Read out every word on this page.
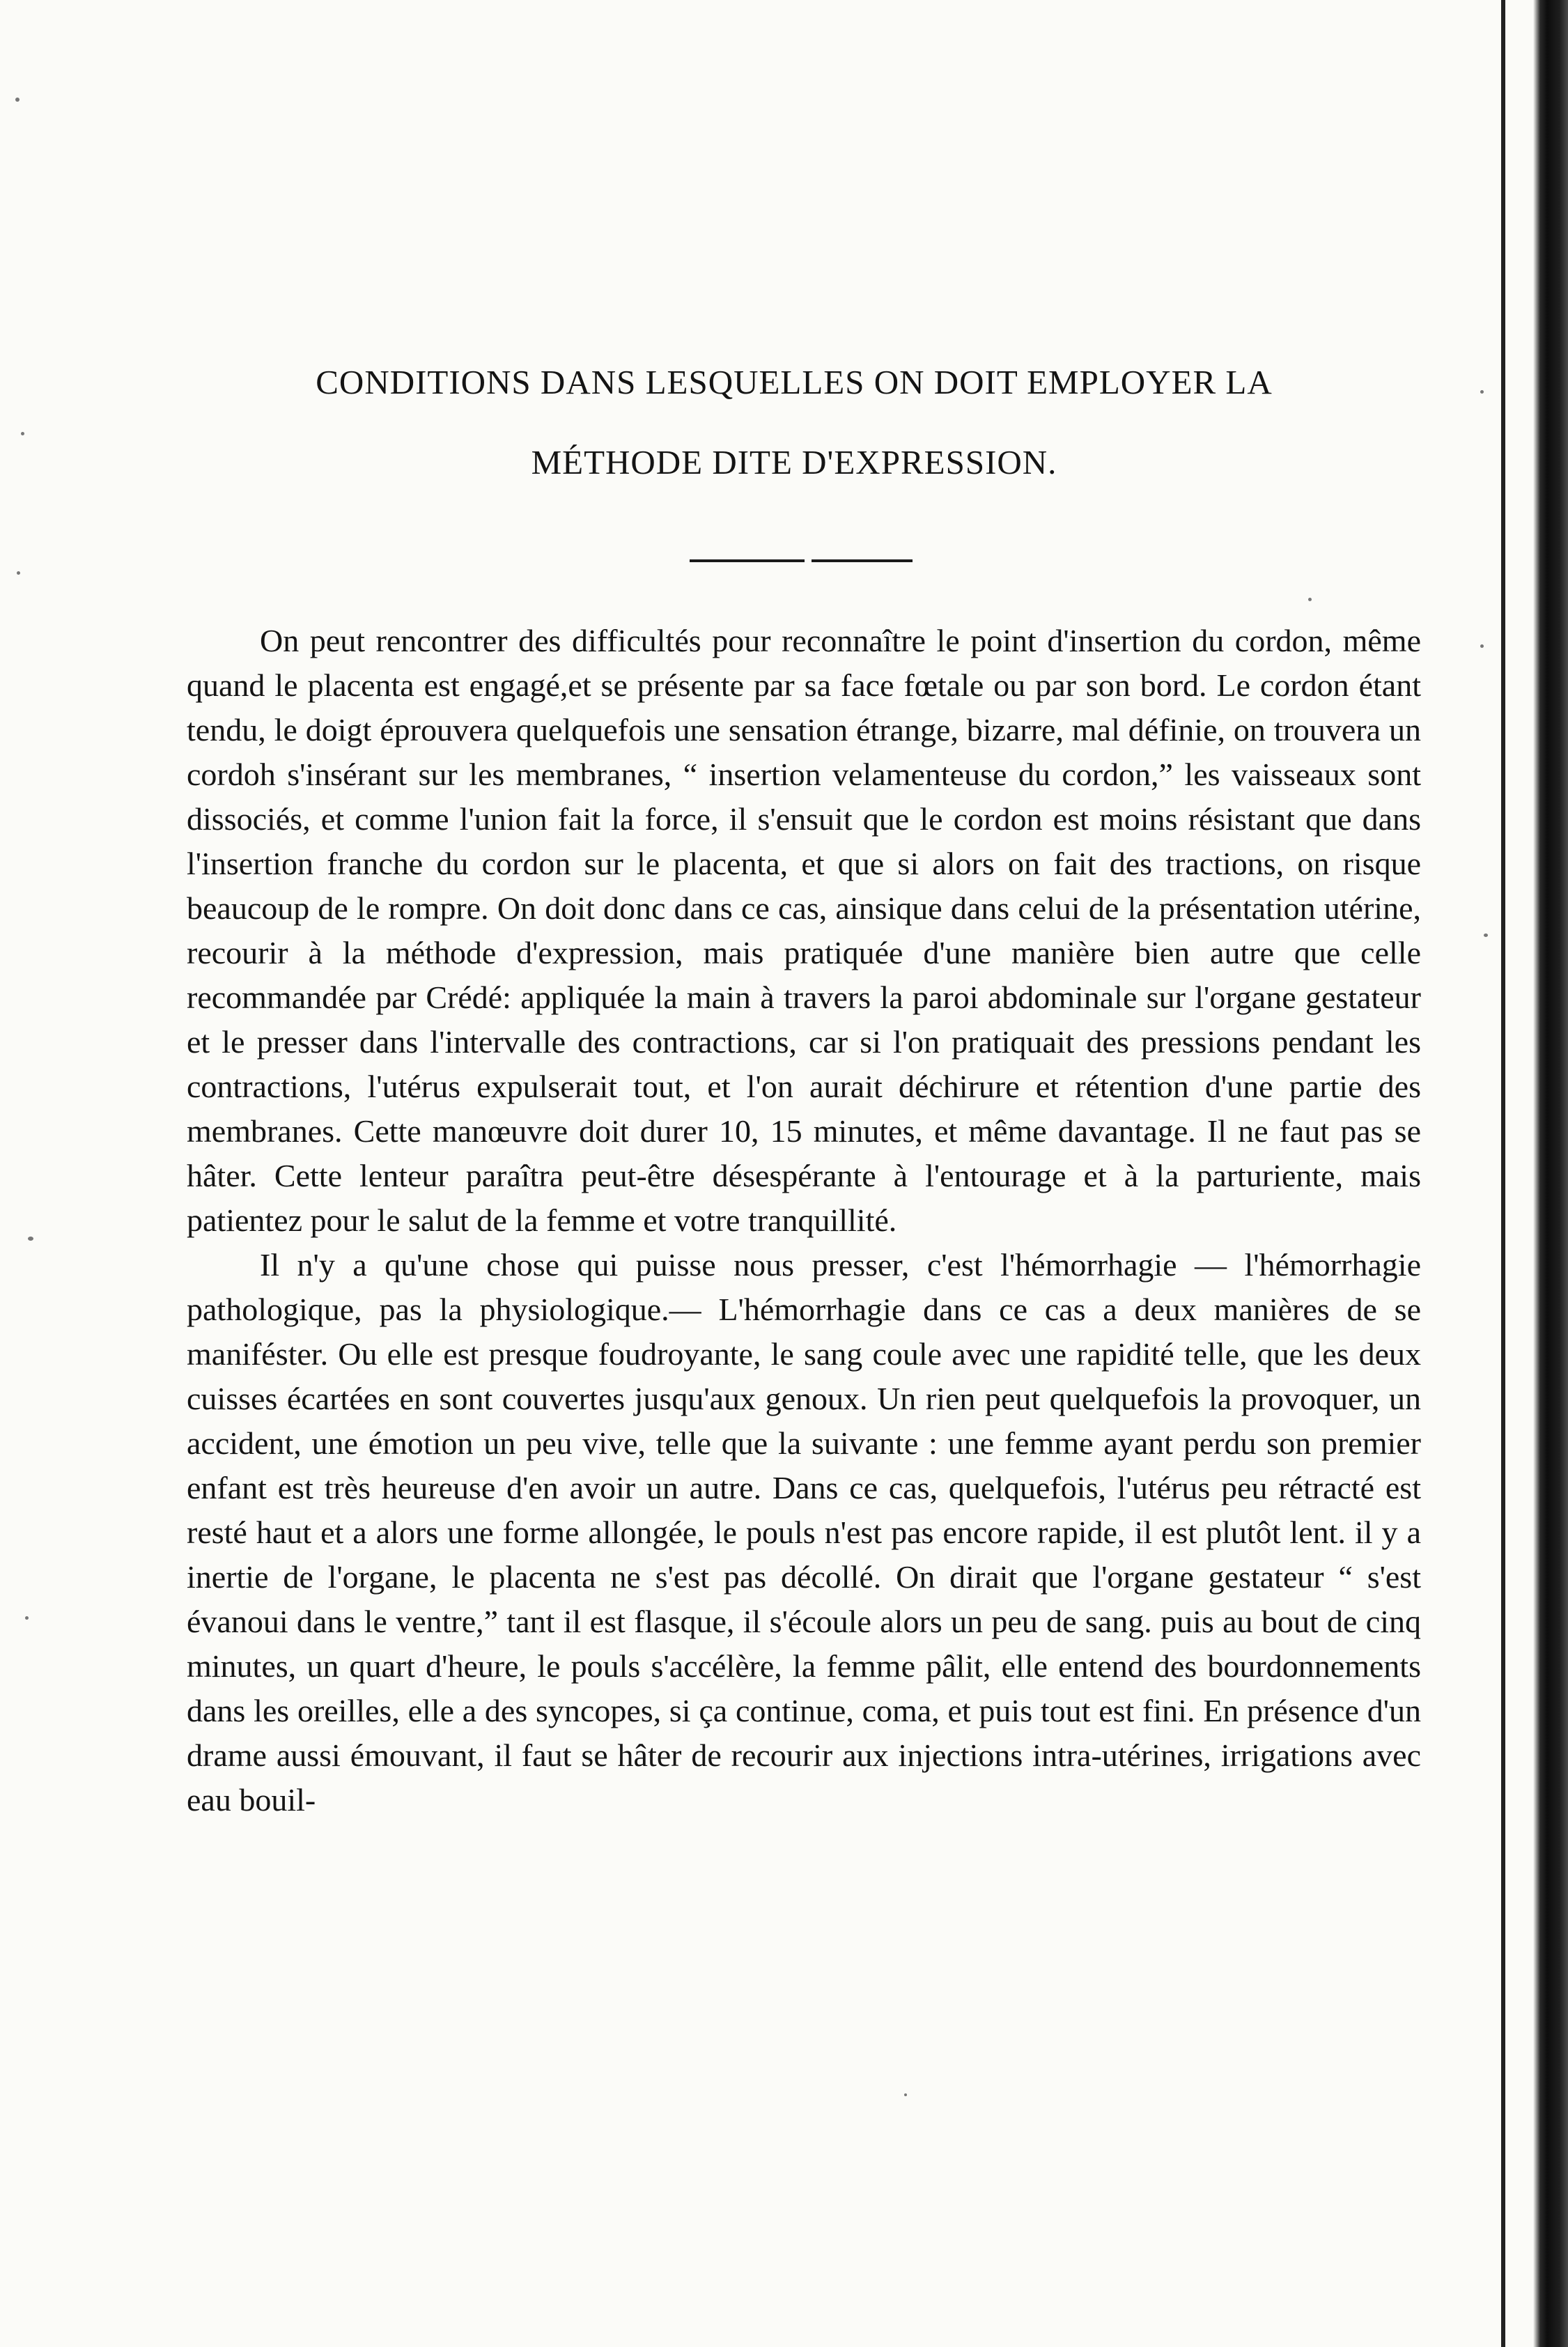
CONDITIONS DANS LESQUELLES ON DOIT EMPLOYER LA
MÉTHODE DITE D'EXPRESSION.

On peut rencontrer des difficultés pour reconnaître le point d'insertion du cordon, même quand le placenta est engagé,et se présente par sa face fœtale ou par son bord. Le cordon étant tendu, le doigt éprouvera quelquefois une sensation étrange, bizarre, mal définie, on trouvera un cordoh s'insérant sur les membranes, “ insertion velamenteuse du cordon,” les vaisseaux sont dissociés, et comme l'union fait la force, il s'ensuit que le cordon est moins résistant que dans l'insertion franche du cordon sur le placenta, et que si alors on fait des tractions, on risque beaucoup de le rompre. On doit donc dans ce cas, ainsique dans celui de la présentation utérine, recourir à la méthode d'expression, mais pratiquée d'une manière bien autre que celle recommandée par Crédé: appliquée la main à travers la paroi abdominale sur l'organe gestateur et le presser dans l'intervalle des contractions, car si l'on pratiquait des pressions pendant les contractions, l'utérus expulserait tout, et l'on aurait déchirure et rétention d'une partie des membranes. Cette manœuvre doit durer 10, 15 minutes, et même davantage. Il ne faut pas se hâter. Cette lenteur paraîtra peut-être désespérante à l'entourage et à la parturiente, mais patientez pour le salut de la femme et votre tranquillité.

Il n'y a qu'une chose qui puisse nous presser, c'est l'hémorrhagie — l'hémorrhagie pathologique, pas la physiologique.— L'hémorrhagie dans ce cas a deux manières de se maniféster. Ou elle est presque foudroyante, le sang coule avec une rapidité telle, que les deux cuisses écartées en sont couvertes jusqu'aux genoux. Un rien peut quelquefois la provoquer, un accident, une émotion un peu vive, telle que la suivante : une femme ayant perdu son premier enfant est très heureuse d'en avoir un autre. Dans ce cas, quelquefois, l'utérus peu rétracté est resté haut et a alors une forme allongée, le pouls n'est pas encore rapide, il est plutôt lent. il y a inertie de l'organe, le placenta ne s'est pas décollé. On dirait que l'organe gestateur “ s'est évanoui dans le ventre,” tant il est flasque, il s'écoule alors un peu de sang. puis au bout de cinq minutes, un quart d'heure, le pouls s'accélère, la femme pâlit, elle entend des bourdonnements dans les oreilles, elle a des syncopes, si ça continue, coma, et puis tout est fini. En présence d'un drame aussi émouvant, il faut se hâter de recourir aux injections intra-utérines, irrigations avec eau bouil-
